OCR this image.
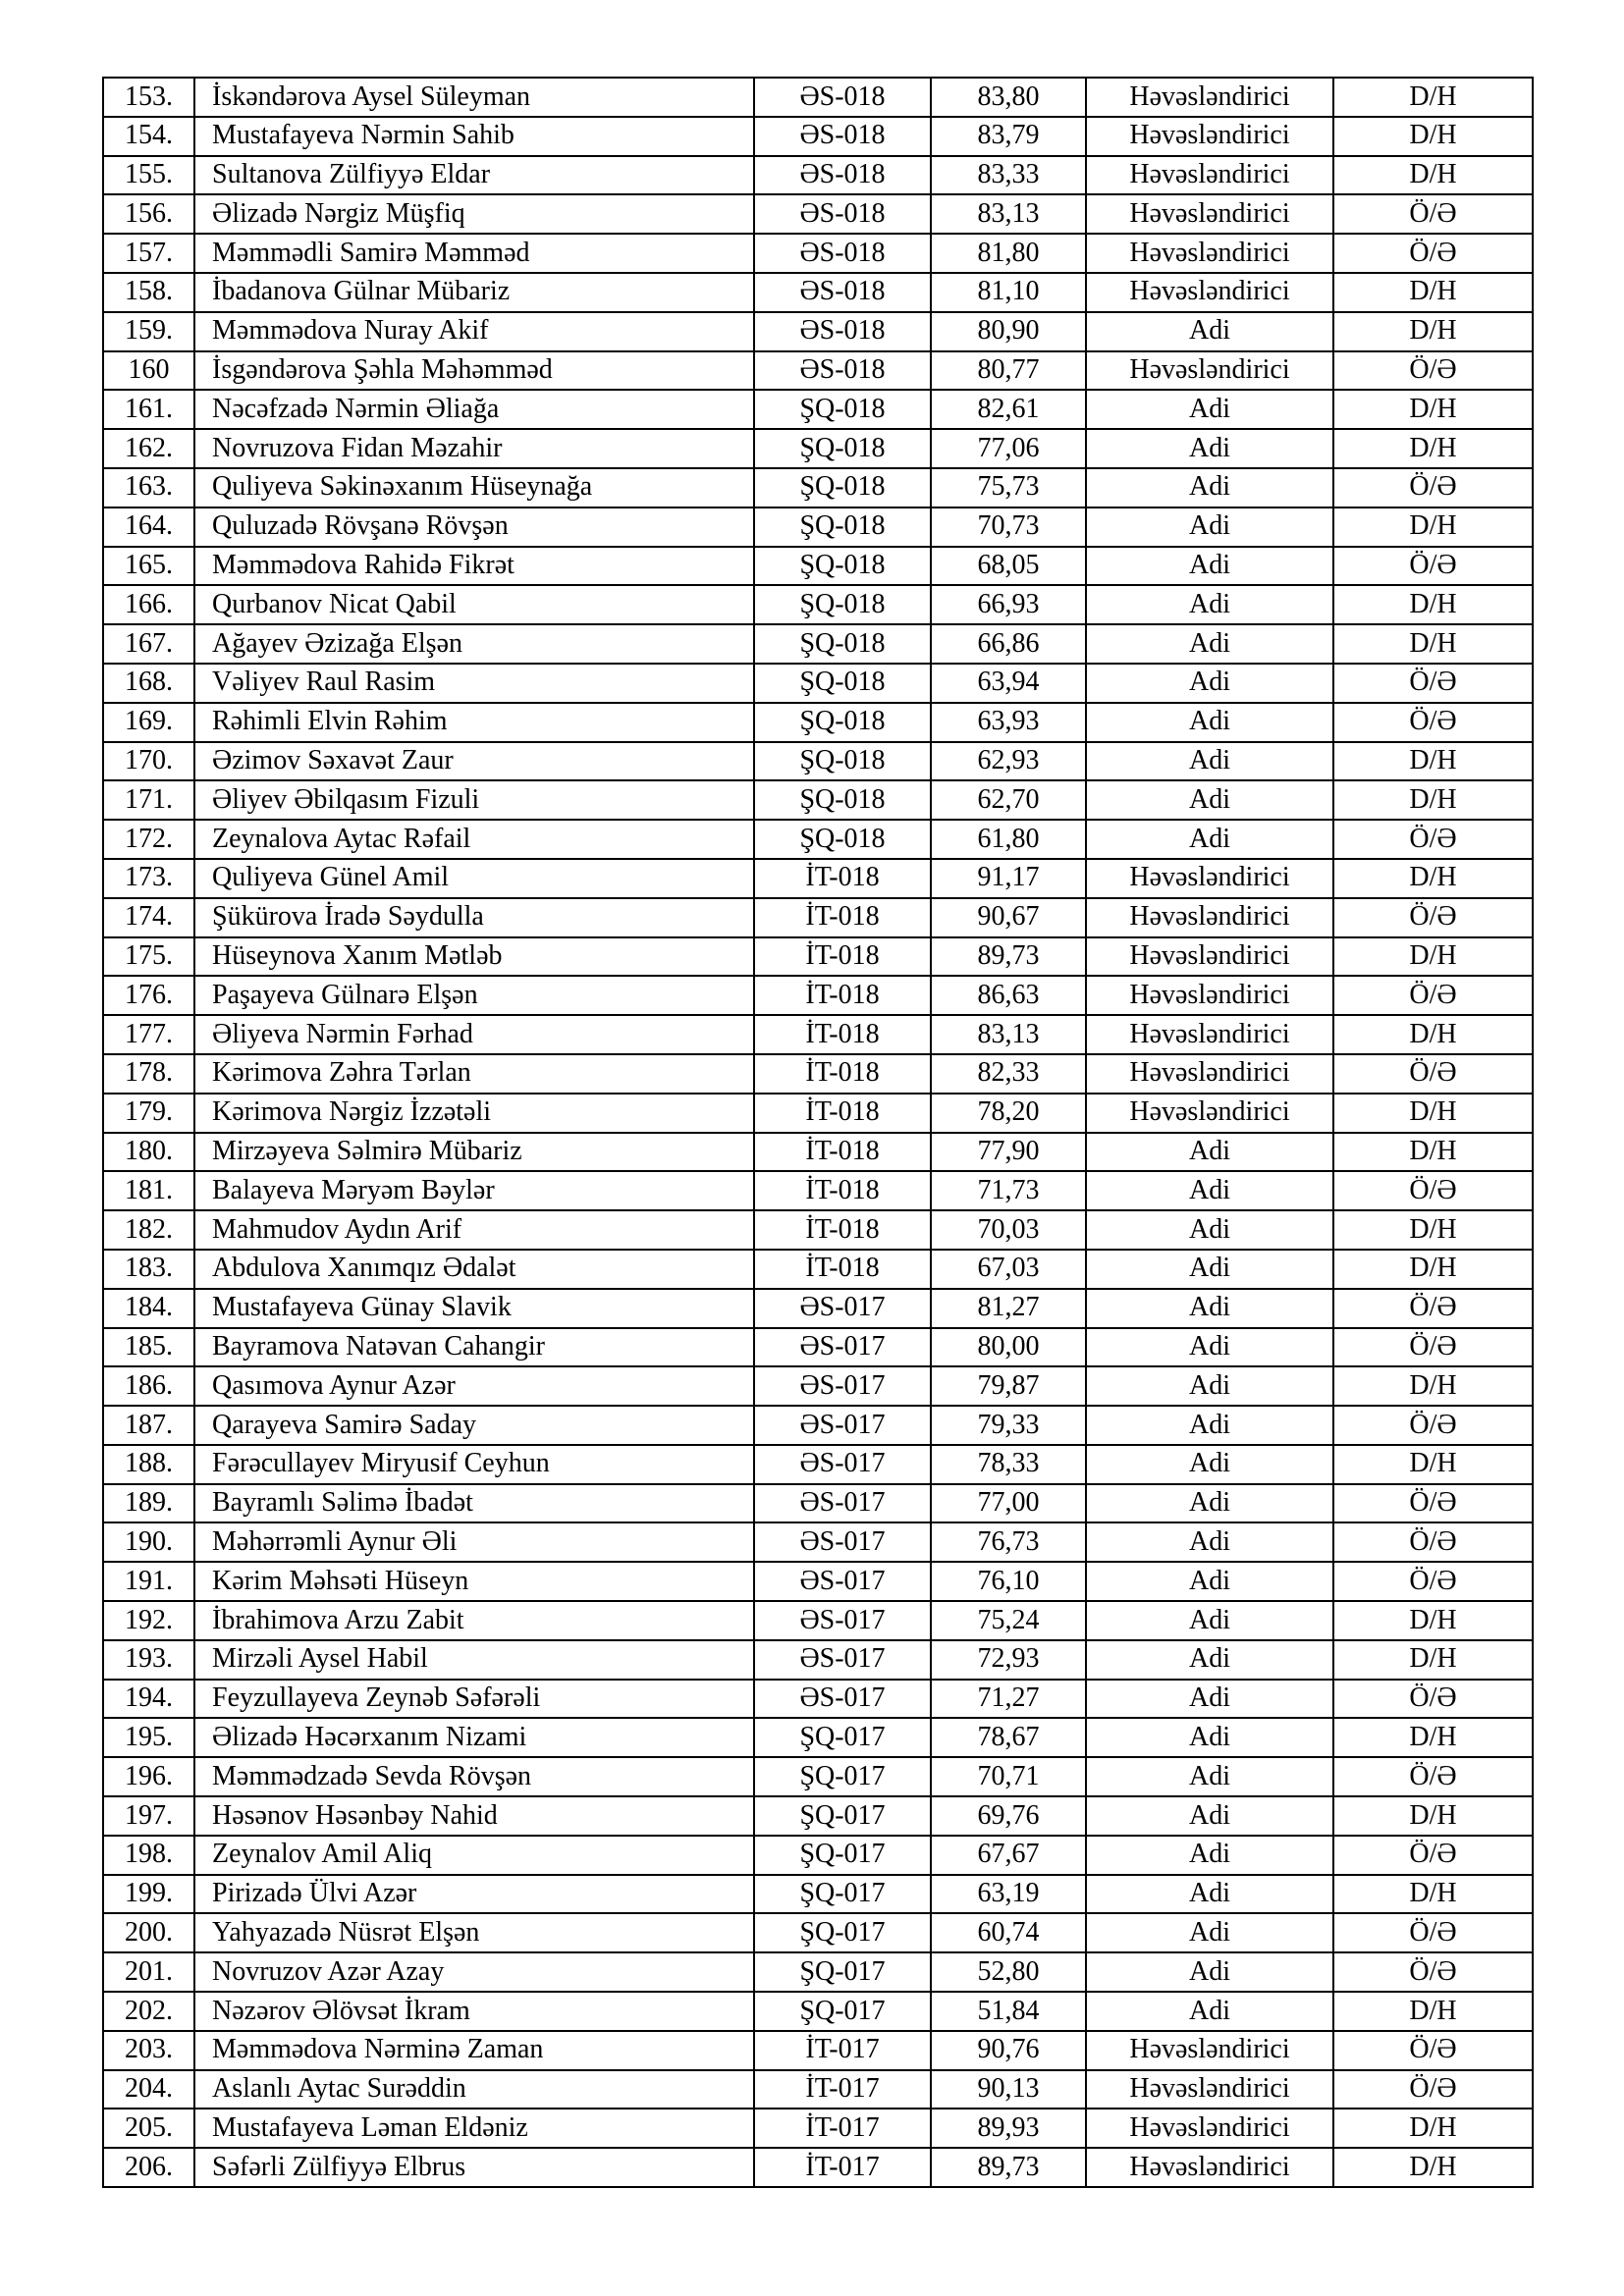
153.	İskəndərova Aysel Süleyman	ƏS-018	83,80	Həvəsləndirici	D/H
154.	Mustafayeva Nərmin Sahib	ƏS-018	83,79	Həvəsləndirici	D/H
155.	Sultanova Zülfiyyə Eldar	ƏS-018	83,33	Həvəsləndirici	D/H
156.	Əlizadə Nərgiz Müşfiq	ƏS-018	83,13	Həvəsləndirici	Ö/Ə
157.	Məmmədli Samirə Məmməd	ƏS-018	81,80	Həvəsləndirici	Ö/Ə
158.	İbadanova Gülnar Mübariz	ƏS-018	81,10	Həvəsləndirici	D/H
159.	Məmmədova Nuray Akif	ƏS-018	80,90	Adi	D/H
160	İsgəndərova Şəhla Məhəmməd	ƏS-018	80,77	Həvəsləndirici	Ö/Ə
161.	Nəcəfzadə Nərmin Əliağa	ŞQ-018	82,61	Adi	D/H
162.	Novruzova Fidan Məzahir	ŞQ-018	77,06	Adi	D/H
163.	Quliyeva Səkinəxanım Hüseynağa	ŞQ-018	75,73	Adi	Ö/Ə
164.	Quluzadə Rövşanə Rövşən	ŞQ-018	70,73	Adi	D/H
165.	Məmmədova Rahidə Fikrət	ŞQ-018	68,05	Adi	Ö/Ə
166.	Qurbanov Nicat Qabil	ŞQ-018	66,93	Adi	D/H
167.	Ağayev Əzizağa Elşən	ŞQ-018	66,86	Adi	D/H
168.	Vəliyev Raul Rasim	ŞQ-018	63,94	Adi	Ö/Ə
169.	Rəhimli Elvin Rəhim	ŞQ-018	63,93	Adi	Ö/Ə
170.	Əzimov Səxavət Zaur	ŞQ-018	62,93	Adi	D/H
171.	Əliyev Əbilqasım Fizuli	ŞQ-018	62,70	Adi	D/H
172.	Zeynalova Aytac Rəfail	ŞQ-018	61,80	Adi	Ö/Ə
173.	Quliyeva Günel Amil	İT-018	91,17	Həvəsləndirici	D/H
174.	Şükürova İradə Səydulla	İT-018	90,67	Həvəsləndirici	Ö/Ə
175.	Hüseynova Xanım Mətləb	İT-018	89,73	Həvəsləndirici	D/H
176.	Paşayeva Gülnarə Elşən	İT-018	86,63	Həvəsləndirici	Ö/Ə
177.	Əliyeva Nərmin Fərhad	İT-018	83,13	Həvəsləndirici	D/H
178.	Kərimova Zəhra Tərlan	İT-018	82,33	Həvəsləndirici	Ö/Ə
179.	Kərimova Nərgiz İzzətəli	İT-018	78,20	Həvəsləndirici	D/H
180.	Mirzəyeva Səlmirə Mübariz	İT-018	77,90	Adi	D/H
181.	Balayeva Məryəm Bəylər	İT-018	71,73	Adi	Ö/Ə
182.	Mahmudov Aydın Arif	İT-018	70,03	Adi	D/H
183.	Abdulova Xanımqız Ədalət	İT-018	67,03	Adi	D/H
184.	Mustafayeva Günay Slavik	ƏS-017	81,27	Adi	Ö/Ə
185.	Bayramova Natəvan Cahangir	ƏS-017	80,00	Adi	Ö/Ə
186.	Qasımova Aynur Azər	ƏS-017	79,87	Adi	D/H
187.	Qarayeva Samirə Saday	ƏS-017	79,33	Adi	Ö/Ə
188.	Fərəcullayev Miryusif Ceyhun	ƏS-017	78,33	Adi	D/H
189.	Bayramlı Səlimə İbadət	ƏS-017	77,00	Adi	Ö/Ə
190.	Məhərrəmli Aynur Əli	ƏS-017	76,73	Adi	Ö/Ə
191.	Kərim Məhsəti Hüseyn	ƏS-017	76,10	Adi	Ö/Ə
192.	İbrahimova Arzu Zabit	ƏS-017	75,24	Adi	D/H
193.	Mirzəli Aysel Habil	ƏS-017	72,93	Adi	D/H
194.	Feyzullayeva Zeynəb Səfərəli	ƏS-017	71,27	Adi	Ö/Ə
195.	Əlizadə Həcərxanım Nizami	ŞQ-017	78,67	Adi	D/H
196.	Məmmədzadə Sevda Rövşən	ŞQ-017	70,71	Adi	Ö/Ə
197.	Həsənov Həsənbəy Nahid	ŞQ-017	69,76	Adi	D/H
198.	Zeynalov Amil Aliq	ŞQ-017	67,67	Adi	Ö/Ə
199.	Pirizadə Ülvi Azər	ŞQ-017	63,19	Adi	D/H
200.	Yahyazadə Nüsrət Elşən	ŞQ-017	60,74	Adi	Ö/Ə
201.	Novruzov Azər Azay	ŞQ-017	52,80	Adi	Ö/Ə
202.	Nəzərov Əlövsət İkram	ŞQ-017	51,84	Adi	D/H
203.	Məmmədova Nərminə Zaman	İT-017	90,76	Həvəsləndirici	Ö/Ə
204.	Aslanlı Aytac Surəddin	İT-017	90,13	Həvəsləndirici	Ö/Ə
205.	Mustafayeva Ləman Eldəniz	İT-017	89,93	Həvəsləndirici	D/H
206.	Səfərli Zülfiyyə Elbrus	İT-017	89,73	Həvəsləndirici	D/H
